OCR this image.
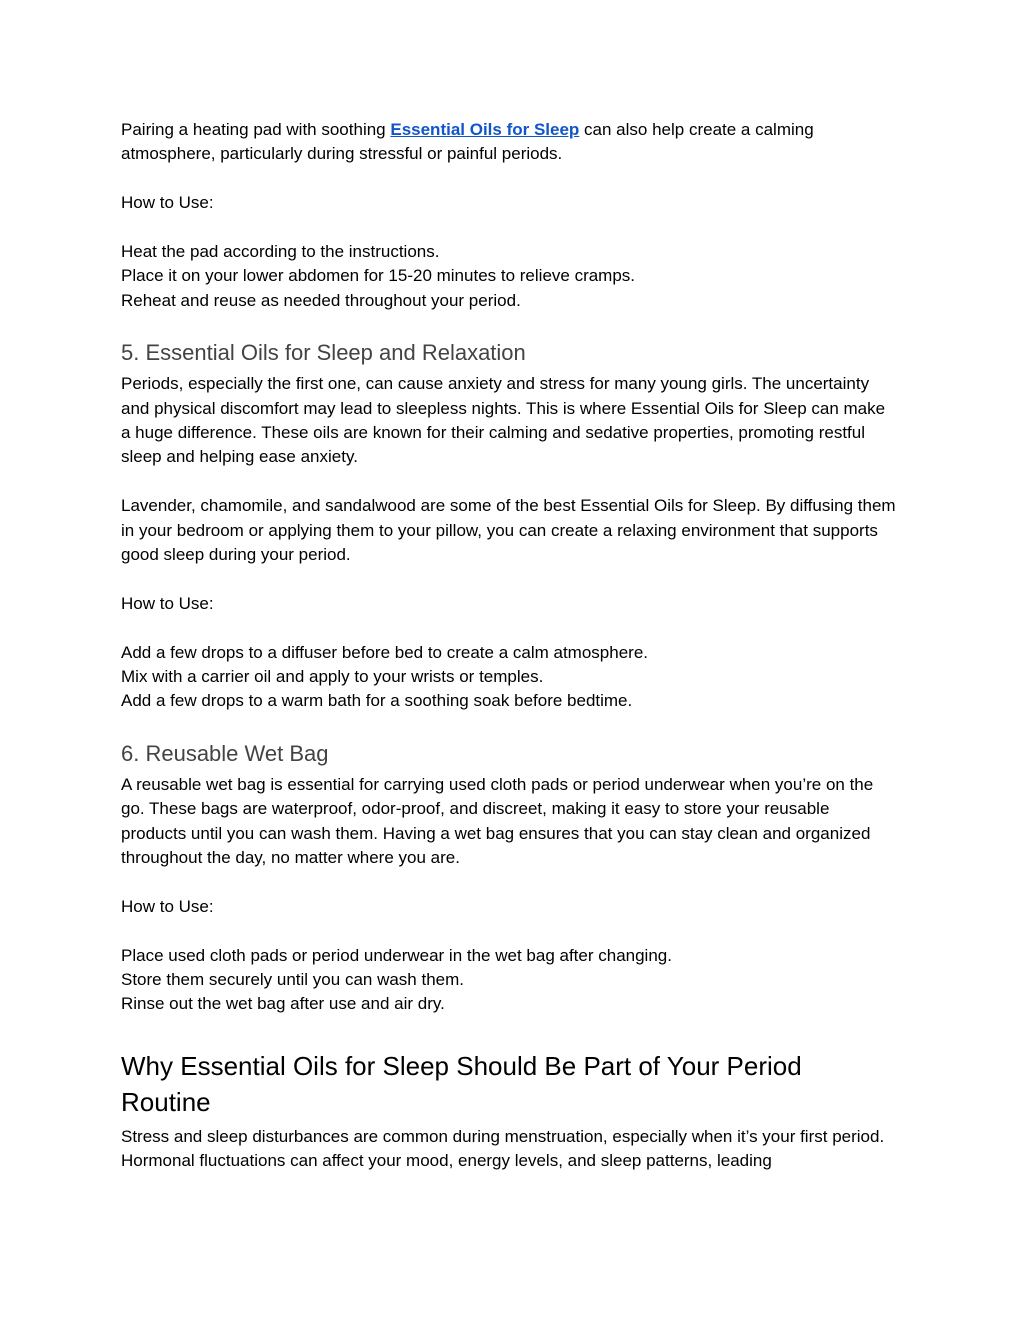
Pairing a heating pad with soothing Essential Oils for Sleep can also help create a calming atmosphere, particularly during stressful or painful periods.

How to Use:

Heat the pad according to the instructions.

Place it on your lower abdomen for 15-20 minutes to relieve cramps.

Reheat and reuse as needed throughout your period.

5. Essential Oils for Sleep and Relaxation

Periods, especially the first one, can cause anxiety and stress for many young girls. The uncertainty and physical discomfort may lead to sleepless nights. This is where Essential Oils for Sleep can make a huge difference. These oils are known for their calming and sedative properties, promoting restful sleep and helping ease anxiety.

Lavender, chamomile, and sandalwood are some of the best Essential Oils for Sleep. By diffusing them in your bedroom or applying them to your pillow, you can create a relaxing environment that supports good sleep during your period.

How to Use:

Add a few drops to a diffuser before bed to create a calm atmosphere.

Mix with a carrier oil and apply to your wrists or temples.

Add a few drops to a warm bath for a soothing soak before bedtime.

6. Reusable Wet Bag

A reusable wet bag is essential for carrying used cloth pads or period underwear when you’re on the go. These bags are waterproof, odor-proof, and discreet, making it easy to store your reusable products until you can wash them. Having a wet bag ensures that you can stay clean and organized throughout the day, no matter where you are.

How to Use:

Place used cloth pads or period underwear in the wet bag after changing.

Store them securely until you can wash them.

Rinse out the wet bag after use and air dry.

Why Essential Oils for Sleep Should Be Part of Your Period Routine

Stress and sleep disturbances are common during menstruation, especially when it’s your first period. Hormonal fluctuations can affect your mood, energy levels, and sleep patterns, leading
